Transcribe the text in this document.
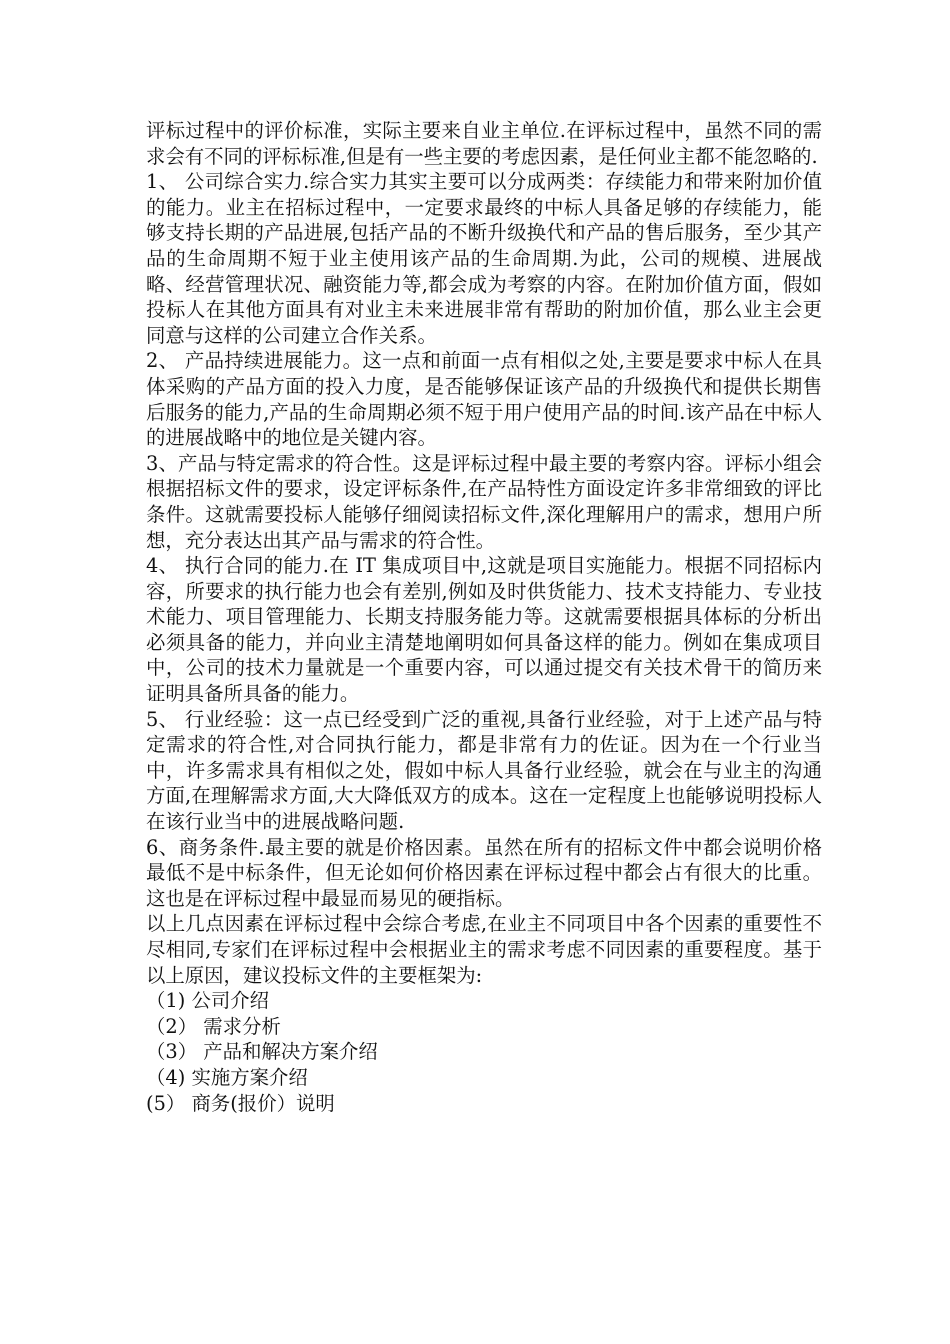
评标过程中的评价标准，实际主要来自业主单位.在评标过程中，虽然不同的需求会有不同的评标标准,但是有一些主要的考虑因素，是任何业主都不能忽略的.

1、 公司综合实力.综合实力其实主要可以分成两类：存续能力和带来附加价值的能力。业主在招标过程中，一定要求最终的中标人具备足够的存续能力，能够支持长期的产品进展,包括产品的不断升级换代和产品的售后服务，至少其产品的生命周期不短于业主使用该产品的生命周期.为此，公司的规模、进展战略、经营管理状况、融资能力等,都会成为考察的内容。在附加价值方面，假如投标人在其他方面具有对业主未来进展非常有帮助的附加价值，那么业主会更同意与这样的公司建立合作关系。

2、 产品持续进展能力。这一点和前面一点有相似之处,主要是要求中标人在具体采购的产品方面的投入力度，是否能够保证该产品的升级换代和提供长期售后服务的能力,产品的生命周期必须不短于用户使用产品的时间.该产品在中标人的进展战略中的地位是关键内容。

3、产品与特定需求的符合性。这是评标过程中最主要的考察内容。评标小组会根据招标文件的要求，设定评标条件,在产品特性方面设定许多非常细致的评比条件。这就需要投标人能够仔细阅读招标文件,深化理解用户的需求，想用户所想，充分表达出其产品与需求的符合性。

4、 执行合同的能力.在 IT 集成项目中,这就是项目实施能力。根据不同招标内容，所要求的执行能力也会有差别,例如及时供货能力、技术支持能力、专业技术能力、项目管理能力、长期支持服务能力等。这就需要根据具体标的分析出必须具备的能力，并向业主清楚地阐明如何具备这样的能力。例如在集成项目中，公司的技术力量就是一个重要内容，可以通过提交有关技术骨干的简历来证明具备所具备的能力。

5、 行业经验：这一点已经受到广泛的重视,具备行业经验，对于上述产品与特定需求的符合性,对合同执行能力，都是非常有力的佐证。因为在一个行业当中，许多需求具有相似之处，假如中标人具备行业经验，就会在与业主的沟通方面,在理解需求方面,大大降低双方的成本。这在一定程度上也能够说明投标人在该行业当中的进展战略问题.

6、商务条件.最主要的就是价格因素。虽然在所有的招标文件中都会说明价格最低不是中标条件，但无论如何价格因素在评标过程中都会占有很大的比重。这也是在评标过程中最显而易见的硬指标。

以上几点因素在评标过程中会综合考虑,在业主不同项目中各个因素的重要性不尽相同,专家们在评标过程中会根据业主的需求考虑不同因素的重要程度。基于以上原因，建议投标文件的主要框架为:

（1) 公司介绍
（2） 需求分析
（3） 产品和解决方案介绍
（4) 实施方案介绍
(5） 商务(报价）说明
